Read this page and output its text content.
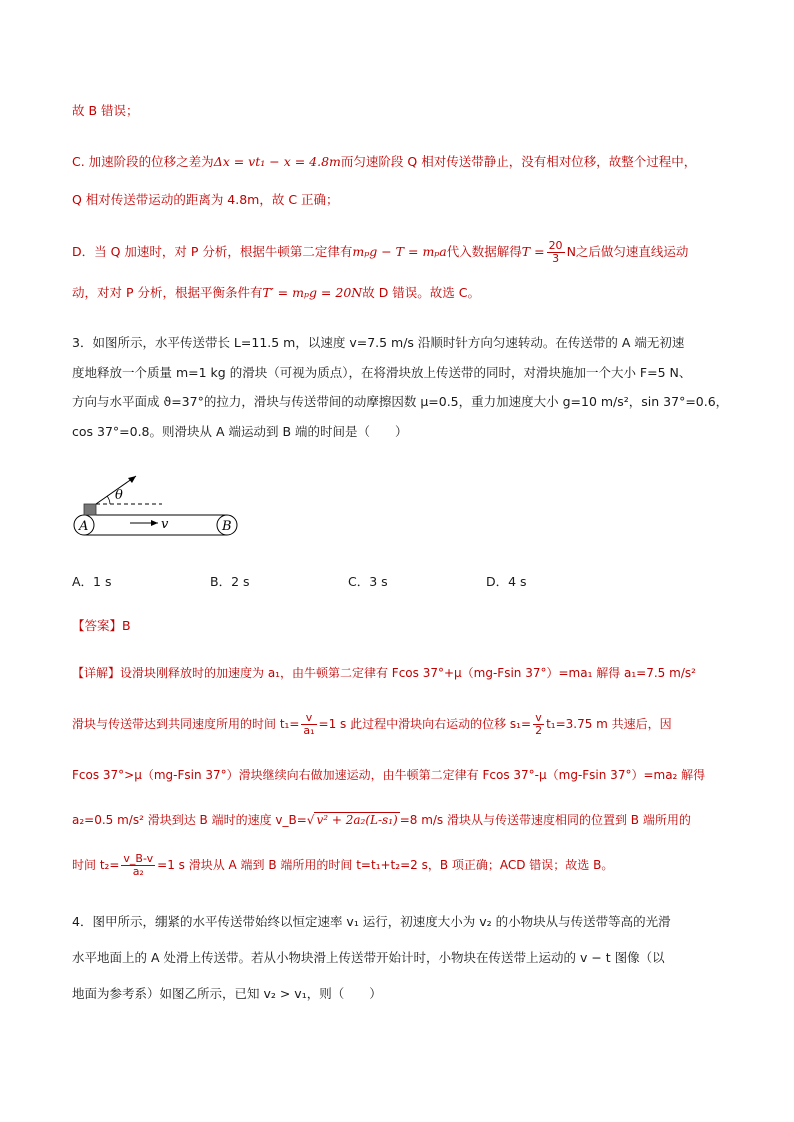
故 B 错误；
C. 加速阶段的位移之差为Δx = vt₁ − x = 4.8m而匀速阶段 Q 相对传送带静止，没有相对位移，故整个过程中，
Q 相对传送带运动的距离为 4.8m，故 C 正确；
D．当 Q 加速时，对 P 分析，根据牛顿第二定律有mₚg − T = mₚa代入数据解得$T = \frac{20}{3}$ N之后做匀速直线运动
动，对对 P 分析，根据平衡条件有T′ = mₚg = 20N故 D 错误。故选 C。
3．如图所示，水平传送带长 L=11.5 m，以速度 v=7.5 m/s 沿顺时针方向匀速转动。在传送带的 A 端无初速
度地释放一个质量 m=1 kg 的滑块（可视为质点），在将滑块放上传送带的同时，对滑块施加一个大小 F=5 N、
方向与水平面成 ϑ=37°的拉力，滑块与传送带间的动摩擦因数 μ=0.5，重力加速度大小 g=10 m/s²，sin 37°=0.6，
cos 37°=0.8。则滑块从 A 端运动到 B 端的时间是（　　）
θ
v
A	B
A．1 s	B．2 s	C．3 s	D．4 s
【答案】B
【详解】设滑块刚释放时的加速度为 a₁，由牛顿第二定律有 Fcos 37°+μ（mg-Fsin 37°）=ma₁ 解得 a₁=7.5 m/s²
滑块与传送带达到共同速度所用的时间 $t_1= \frac{v}{\text{a₁}} =1$ s 此过程中滑块向右运动的位移 $s_1= \frac{v}{2} t_1=3.75$ m 共速后，因
Fcos 37°>μ（mg-Fsin 37°）滑块继续向右做加速运动，由牛顿第二定律有 Fcos 37°-μ（mg-Fsin 37°）=ma₂ 解得
a₂=0.5 m/s² 滑块到达 B 端时的速度 v_B=√ v² + 2a₂(L-s₁) =8 m/s 滑块从与传送带速度相同的位置到 B 端所用的
时间 $t_2= \frac{v\_B-v}{\text{a₂}} =1$ s 滑块从 A 端到 B 端所用的时间 t=t₁+t₂=2 s，B 项正确；ACD 错误；故选 B。
4．图甲所示，绷紧的水平传送带始终以恒定速率 v₁ 运行，初速度大小为 v₂ 的小物块从与传送带等高的光滑
水平地面上的 A 处滑上传送带。若从小物块滑上传送带开始计时，小物块在传送带上运动的 v − t 图像（以
地面为参考系）如图乙所示，已知 v₂ > v₁，则（　　）
